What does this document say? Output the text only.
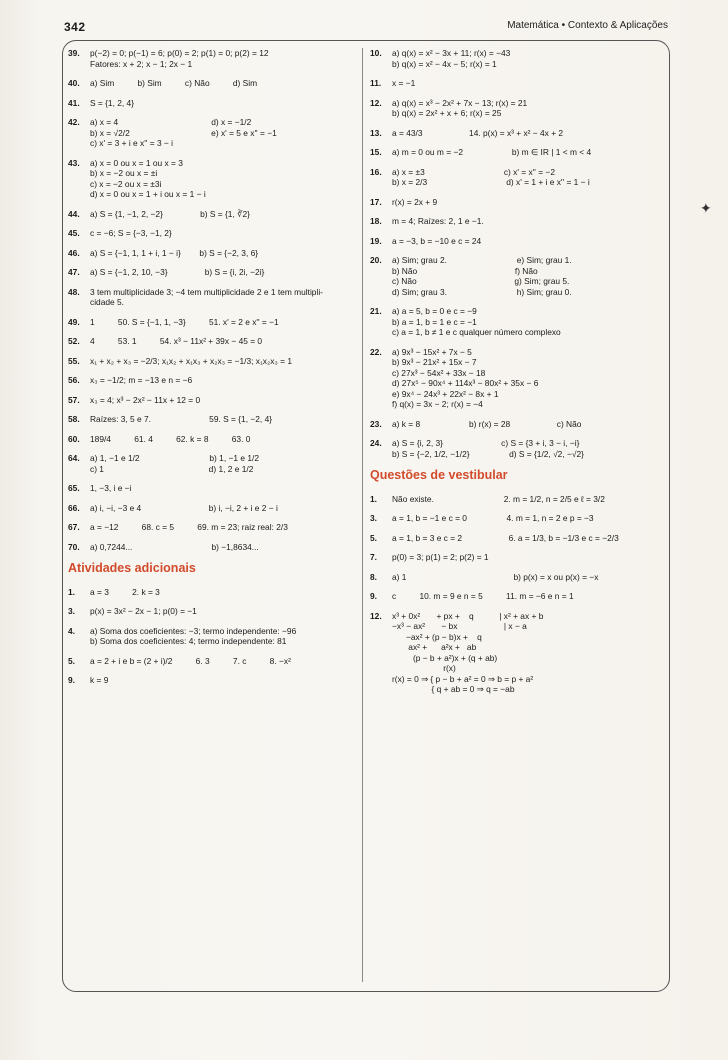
342	Matemática • Contexto & Aplicações
39. p(−2) = 0; p(−1) = 6; p(0) = 2; p(1) = 0; p(2) = 12
Fatores: x + 2; x − 1; 2x − 1
40. a) Sim          b) Sim          c) Não          d) Sim
41. S = {1, 2, 4}
42. a) x = 4                                        d) x = −1/2
b) x = √2/2                                   e) x' = 5 e x'' = −1
c) x' = 3 + i e x'' = 3 − i
43. a) x = 0 ou x = 1 ou x = 3
b) x = −2 ou x = ±i
c) x = −2 ou x = ±3i
d) x = 0 ou x = 1 + i ou x = 1 − i
44. a) S = {1, −1, 2, −2}                b) S = {1, ∛2}
45. c = −6; S = {−3, −1, 2}
46. a) S = {−1, 1, 1 + i, 1 − i}        b) S = {−2, 3, 6}
47. a) S = {−1, 2, 10, −3}                b) S = {i, 2i, −2i}
48. 3 tem multiplicidade 3; −4 tem multiplicidade 2 e 1 tem multipli-
cidade 5.
49. 1          50. S = {−1, 1, −3}          51. x' = 2 e x'' = −1
52. 4          53. 1          54. x³ − 11x² + 39x − 45 = 0
55. x₁ + x₂ + x₃ = −2/3; x₁x₂ + x₁x₃ + x₂x₃ = −1/3; x₁x₂x₃ = 1
56. x₃ = −1/2; m = −13 e n = −6
57. x₃ = 4; x³ − 2x² − 11x + 12 = 0
58. Raízes: 3, 5 e 7.                         59. S = {1, −2, 4}
60. 189/4          61. 4          62. k = 8          63. 0
64. a) 1, −1 e 1/2                              b) 1, −1 e 1/2
c) 1                                             d) 1, 2 e 1/2
65. 1, −3, i e −i
66. a) i, −i, −3 e 4                             b) i, −i, 2 + i e 2 − i
67. a = −12          68. c = 5          69. m = 23; raiz real: 2/3
70. a) 0,7244...                                  b) −1,8634...
Atividades adicionais
1. a = 3          2. k = 3
3. p(x) = 3x² − 2x − 1; p(0) = −1
4. a) Soma dos coeficientes: −3; termo independente: −96
b) Soma dos coeficientes: 4; termo independente: 81
5. a = 2 + i e b = (2 + i)/2          6. 3          7. c          8. −x²
9. k = 9
10. a) q(x) = x² − 3x + 11; r(x) = −43
b) q(x) = x² − 4x − 5; r(x) = 1
11. x = −1
12. a) q(x) = x³ − 2x² + 7x − 13; r(x) = 21
b) q(x) = 2x² + x + 6; r(x) = 25
13. a = 43/3                    14. p(x) = x³ + x² − 4x + 2
15. a) m = 0 ou m = −2                     b) m ∈ IR | 1 < m < 4
16. a) x = ±3                                  c) x' = x'' = −2
b) x = 2/3                                  d) x' = 1 + i e x'' = 1 − i
17. r(x) = 2x + 9
18. m = 4; Raízes: 2, 1 e −1.
19. a = −3, b = −10 e c = 24
20. a) Sim; grau 2.                              e) Sim; grau 1.
b) Não                                          f) Não
c) Não                                          g) Sim; grau 5.
d) Sim; grau 3.                              h) Sim; grau 0.
21. a) a = 5, b = 0 e c = −9
b) a = 1, b = 1 e c = −1
c) a = 1, b ≠ 1 e c qualquer número complexo
22. a) 9x³ − 15x² + 7x − 5
b) 9x³ − 21x² + 15x − 7
c) 27x³ − 54x² + 33x − 18
d) 27x⁵ − 90x⁴ + 114x³ − 80x² + 35x − 6
e) 9x⁴ − 24x³ + 22x² − 8x + 1
f) q(x) = 3x − 2; r(x) = −4
23. a) k = 8                     b) r(x) = 28                    c) Não
24. a) S = {i, 2, 3}                         c) S = {3 + i, 3 − i, −i}
b) S = {−2, 1/2, −1/2}                 d) S = {1/2, √2, −√2}
Questões de vestibular
1. Não existe.                              2. m = 1/2, n = 2/5 e ℓ = 3/2
3. a = 1, b = −1 e c = 0                 4. m = 1, n = 2 e p = −3
5. a = 1, b = 3 e c = 2                    6. a = 1/3, b = −1/3 e c = −2/3
7. p(0) = 3; p(1) = 2; p(2) = 1
8. a) 1                                              b) p(x) = x ou p(x) = −x
9. c          10. m = 9 e n = 5          11. m = −6 e n = 1
12. x³ + 0x²       + px +    q           | x² + ax + b
−x³ − ax²       − bx                    | x − a
−ax² + (p − b)x +    q
ax² +      a²x +   ab
(p − b + a²)x + (q + ab)
r(x)
r(x) = 0 ⇒ { p − b + a² = 0 ⇒ b = p + a²
{ q + ab = 0 ⇒ q = −ab
✦
